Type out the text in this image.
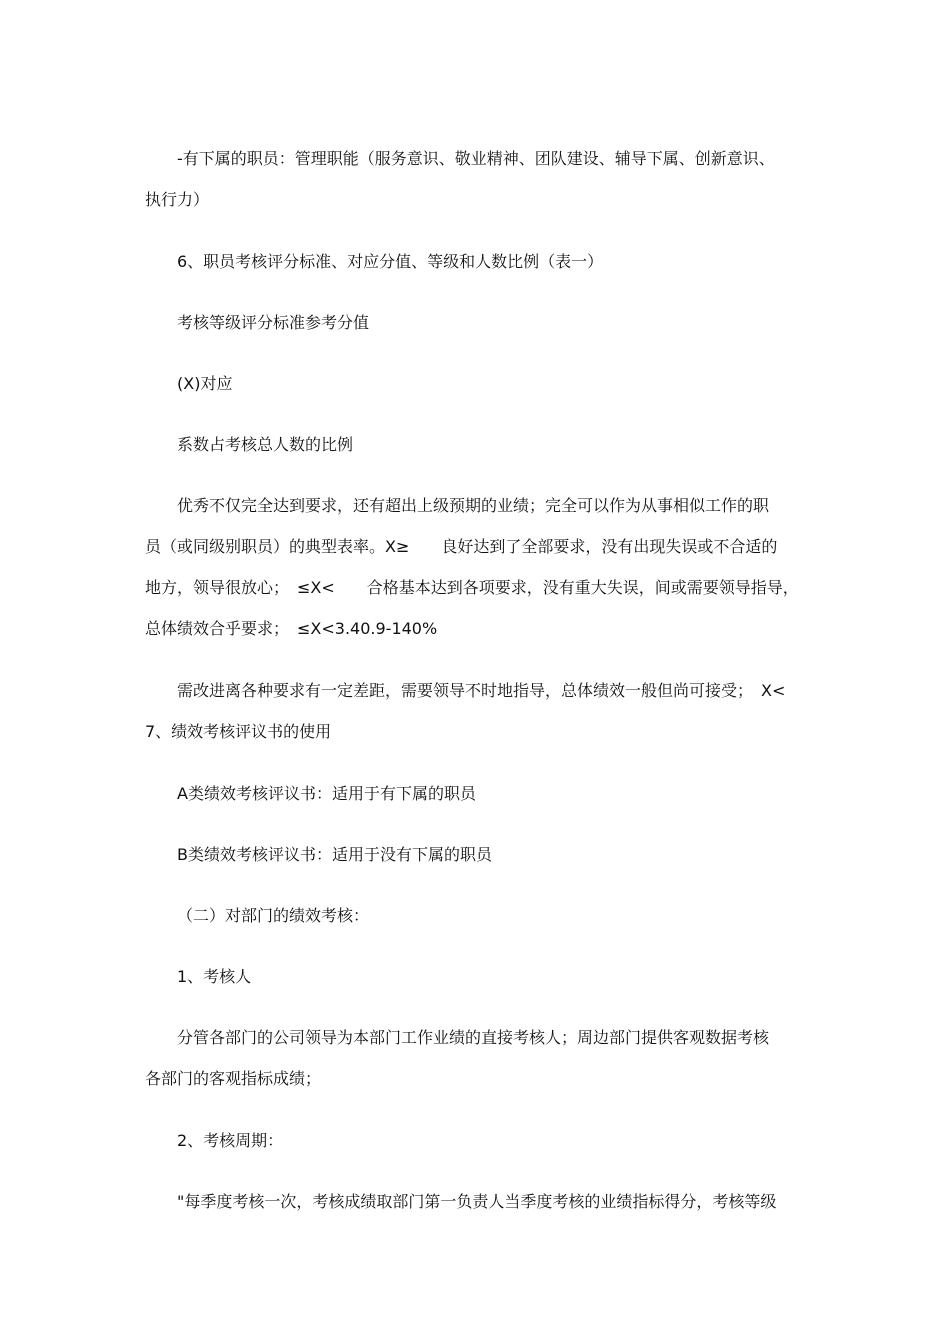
-有下属的职员：管理职能（服务意识、敬业精神、团队建设、辅导下属、创新意识、
执行力）

6、职员考核评分标准、对应分值、等级和人数比例（表一）

考核等级评分标准参考分值

(X)对应

系数占考核总人数的比例

优秀不仅完全达到要求，还有超出上级预期的业绩；完全可以作为从事相似工作的职
员（或同级别职员）的典型表率。X≥　　良好达到了全部要求，没有出现失误或不合适的
地方，领导很放心；　≤X<　　合格基本达到各项要求，没有重大失误，间或需要领导指导，
总体绩效合乎要求；　≤X<3.40.9-140%

需改进离各种要求有一定差距，需要领导不时地指导，总体绩效一般但尚可接受；　X<
7、绩效考核评议书的使用

A类绩效考核评议书：适用于有下属的职员

B类绩效考核评议书：适用于没有下属的职员

（二）对部门的绩效考核：

1、考核人

分管各部门的公司领导为本部门工作业绩的直接考核人；周边部门提供客观数据考核
各部门的客观指标成绩；

2、考核周期：

"每季度考核一次，考核成绩取部门第一负责人当季度考核的业绩指标得分，考核等级
